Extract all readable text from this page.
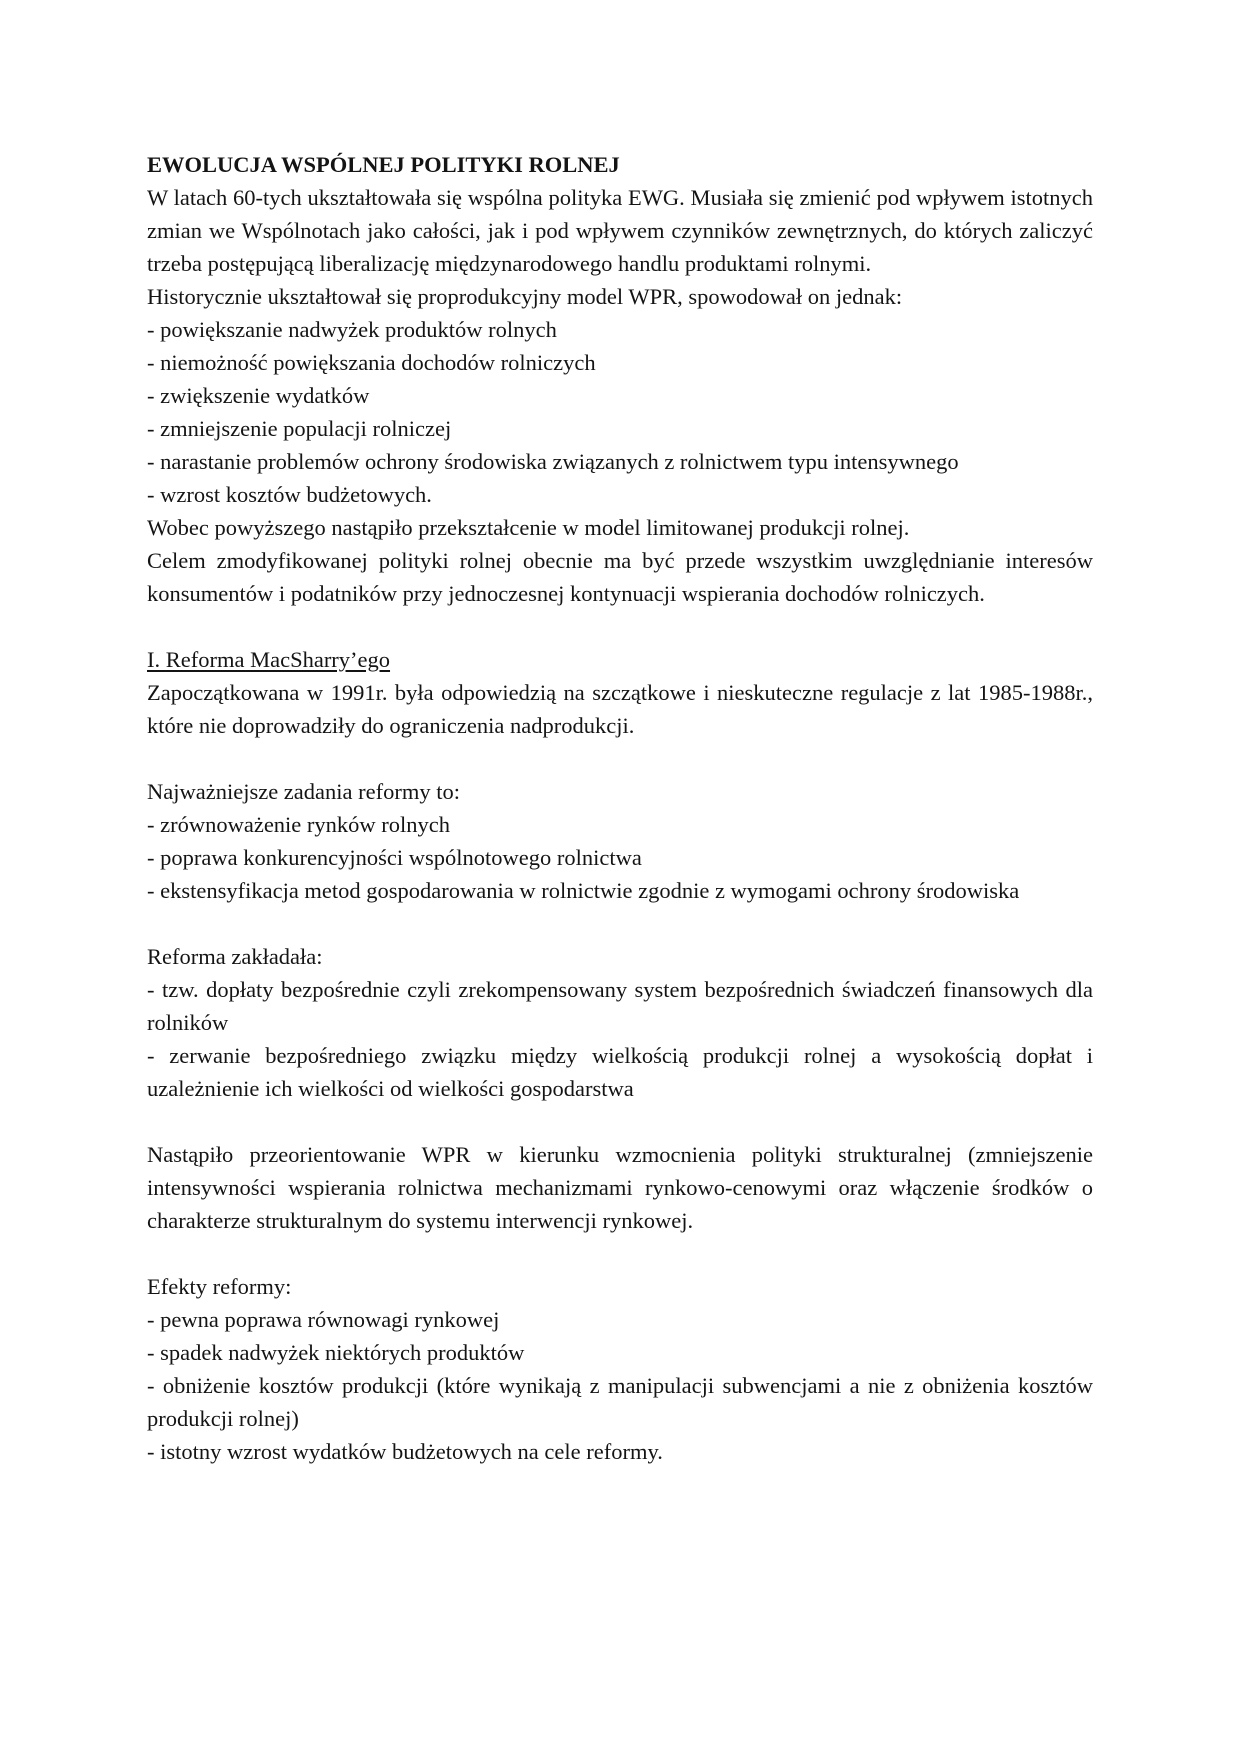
EWOLUCJA WSPÓLNEJ POLITYKI ROLNEJ

W latach 60-tych ukształtowała się wspólna polityka EWG. Musiała się zmienić pod wpływem istotnych zmian we Wspólnotach jako całości, jak i pod wpływem czynników zewnętrznych, do których zaliczyć trzeba postępującą liberalizację międzynarodowego handlu produktami rolnymi.

Historycznie ukształtował się proprodukcyjny model WPR, spowodował on jednak:

- powiększanie nadwyżek produktów rolnych
- niemożność powiększania dochodów rolniczych
- zwiększenie wydatków
- zmniejszenie populacji rolniczej
- narastanie problemów ochrony środowiska związanych z rolnictwem typu intensywnego
- wzrost kosztów budżetowych.

Wobec powyższego nastąpiło przekształcenie w model limitowanej produkcji rolnej.

Celem zmodyfikowanej polityki rolnej obecnie ma być przede wszystkim uwzględnianie interesów konsumentów i podatników przy jednoczesnej kontynuacji wspierania dochodów rolniczych.

I. Reforma MacSharry’ego

Zapoczątkowana w 1991r. była odpowiedzią na szczątkowe i nieskuteczne regulacje z lat 1985-1988r., które nie doprowadziły do ograniczenia nadprodukcji.

Najważniejsze zadania reformy to:

- zrównoważenie rynków rolnych
- poprawa konkurencyjności wspólnotowego rolnictwa
- ekstensyfikacja metod gospodarowania w rolnictwie zgodnie z wymogami ochrony środowiska

Reforma zakładała:

- tzw. dopłaty bezpośrednie czyli zrekompensowany system bezpośrednich świadczeń finansowych dla rolników
- zerwanie bezpośredniego związku między wielkością produkcji rolnej a wysokością dopłat i uzależnienie ich wielkości od wielkości gospodarstwa

Nastąpiło przeorientowanie WPR w kierunku wzmocnienia polityki strukturalnej (zmniejszenie intensywności wspierania rolnictwa mechanizmami rynkowo-cenowymi oraz włączenie środków o charakterze strukturalnym do systemu interwencji rynkowej.

Efekty reformy:

- pewna poprawa równowagi rynkowej
- spadek nadwyżek niektórych produktów
- obniżenie kosztów produkcji (które wynikają z manipulacji subwencjami a nie z obniżenia kosztów produkcji rolnej)
- istotny wzrost wydatków budżetowych na cele reformy.
